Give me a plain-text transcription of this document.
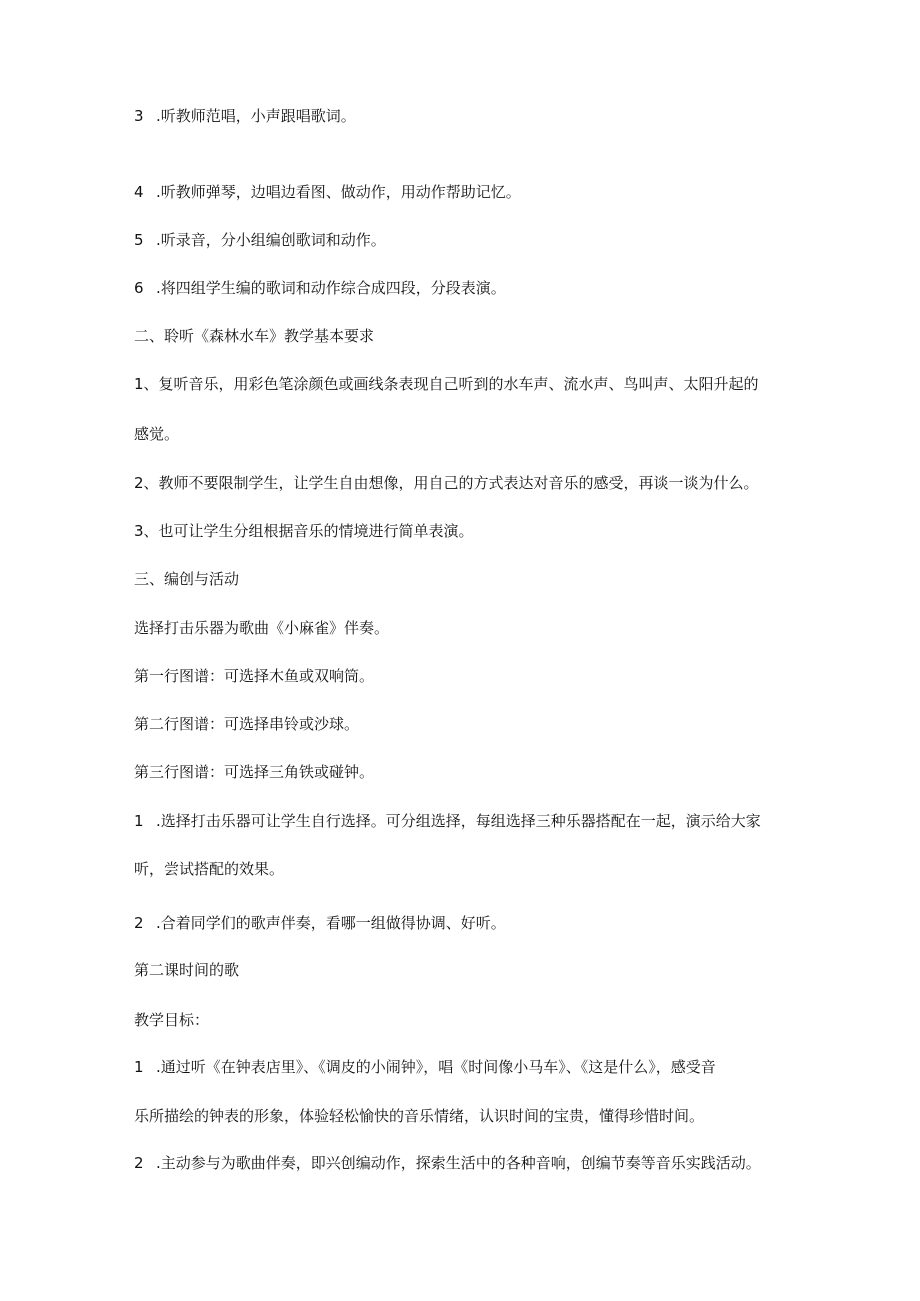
3 .听教师范唱，小声跟唱歌词。
4 .听教师弹琴，边唱边看图、做动作，用动作帮助记忆。
5 .听录音，分小组编创歌词和动作。
6 .将四组学生编的歌词和动作综合成四段，分段表演。
二、聆听《森林水车》教学基本要求
1、复听音乐，用彩色笔涂颜色或画线条表现自己听到的水车声、流水声、鸟叫声、太阳升起的
感觉。
2、教师不要限制学生，让学生自由想像，用自己的方式表达对音乐的感受，再谈一谈为什么。
3、也可让学生分组根据音乐的情境进行简单表演。
三、编创与活动
选择打击乐器为歌曲《小麻雀》伴奏。
第一行图谱：可选择木鱼或双响筒。
第二行图谱：可选择串铃或沙球。
第三行图谱：可选择三角铁或碰钟。
1 .选择打击乐器可让学生自行选择。可分组选择，每组选择三种乐器搭配在一起，演示给大家
听，尝试搭配的效果。
2 .合着同学们的歌声伴奏，看哪一组做得协调、好听。
第二课时间的歌
教学目标：
1 .通过听《在钟表店里》、《调皮的小闹钟》，唱《时间像小马车》、《这是什么》，感受音
乐所描绘的钟表的形象，体验轻松愉快的音乐情绪，认识时间的宝贵，懂得珍惜时间。
2 .主动参与为歌曲伴奏，即兴创编动作，探索生活中的各种音响，创编节奏等音乐实践活动。
